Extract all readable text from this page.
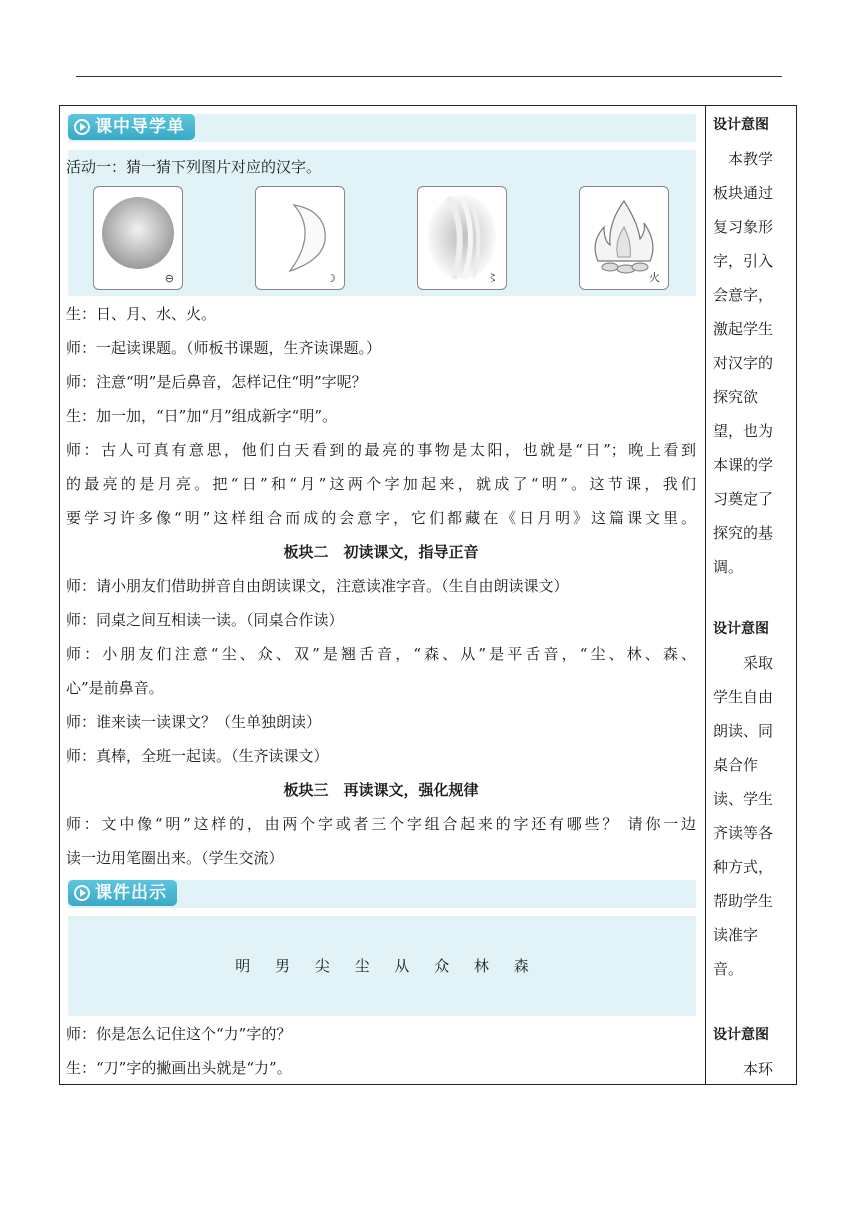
课中导学单
活动一：猜一猜下列图片对应的汉字。
⊖	☽	〻	火
生：日、月、水、火。
师：一起读课题。（师板书课题，生齐读课题。）
师：注意“明”是后鼻音，怎样记住“明”字呢？
生：加一加，“日”加“月”组成新字“明”。
师：古人可真有意思，他们白天看到的最亮的事物是太阳，也就是“日”；晚上看到
的最亮的是月亮。把“日”和“月”这两个字加起来，就成了“明”。这节课，我们
要学习许多像“明”这样组合而成的会意字，它们都藏在《日月明》这篇课文里。
板块二　初读课文，指导正音
师：请小朋友们借助拼音自由朗读课文，注意读准字音。（生自由朗读课文）
师：同桌之间互相读一读。（同桌合作读）
师：小朋友们注意“尘、众、双”是翘舌音，“森、从”是平舌音，“尘、林、森、
心”是前鼻音。
师：谁来读一读课文？（生单独朗读）
师：真棒，全班一起读。（生齐读课文）
板块三　再读课文，强化规律
师：文中像“明”这样的，由两个字或者三个字组合起来的字还有哪些？ 请你一边
读一边用笔圈出来。（学生交流）
课件出示
明 男 尖 尘 从 众 林 森
师：你是怎么记住这个“力”字的？
生：“刀”字的撇画出头就是“力”。
设计意图
　本教学
板块通过
复习象形
字，引入
会意字，
激起学生
对汉字的
探究欲
望，也为
本课的学
习奠定了
探究的基
调。
设计意图
　　采取
学生自由
朗读、同
桌合作
读、学生
齐读等各
种方式，
帮助学生
读准字
音。
设计意图
　　本环
